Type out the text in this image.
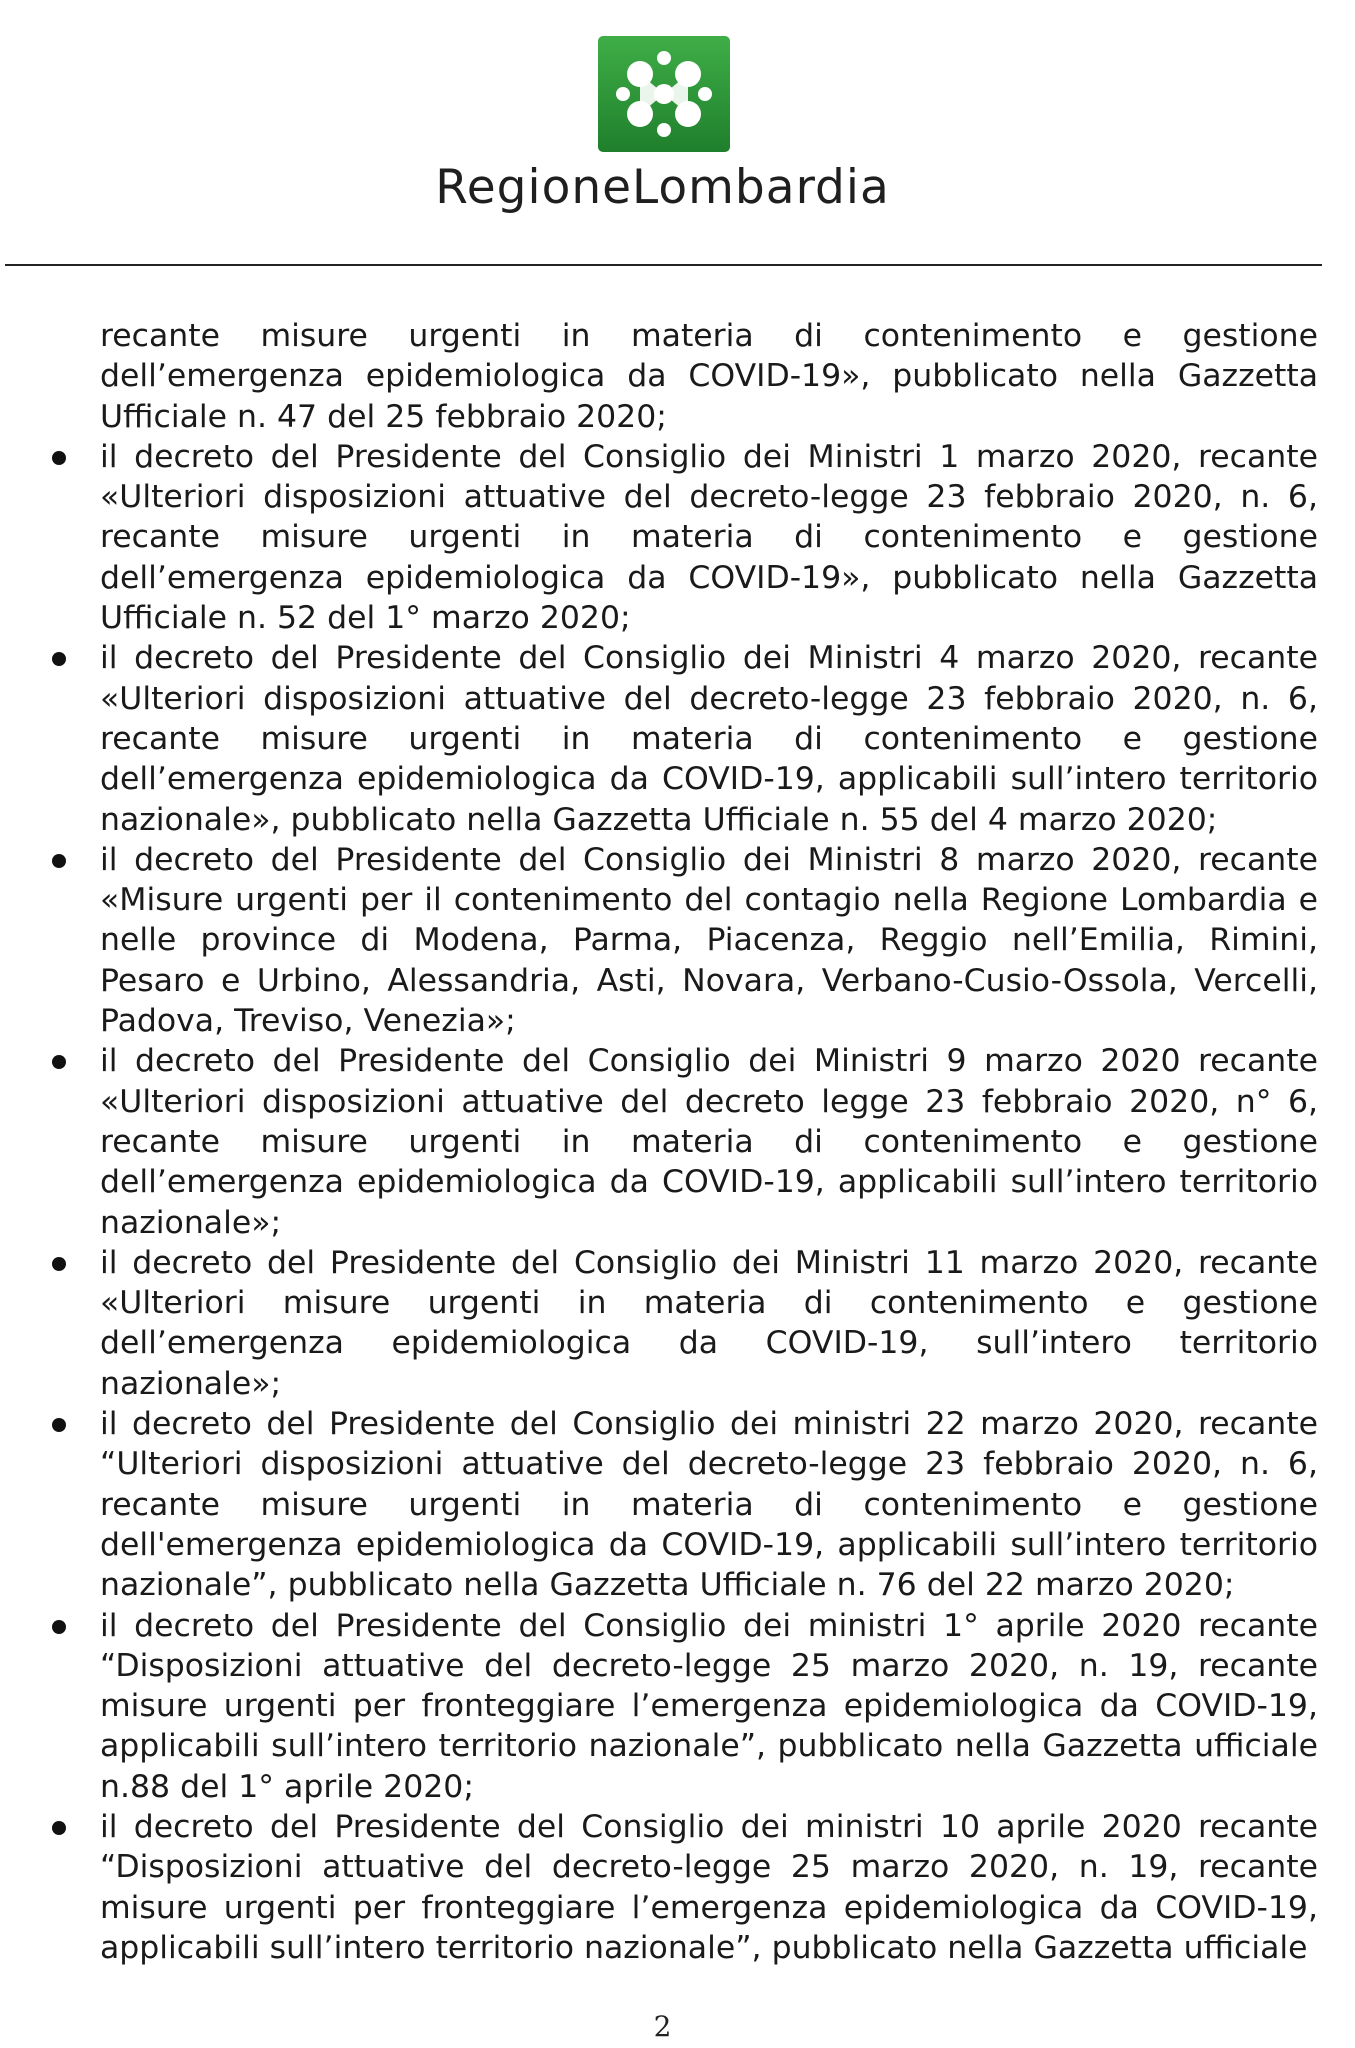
RegioneLombardia

recante misure urgenti in materia di contenimento e gestione dell’emergenza epidemiologica da COVID-19», pubblicato nella Gazzetta Ufficiale n. 47 del 25 febbraio 2020;

il decreto del Presidente del Consiglio dei Ministri 1 marzo 2020, recante «Ulteriori disposizioni attuative del decreto-legge 23 febbraio 2020, n. 6, recante misure urgenti in materia di contenimento e gestione dell’emergenza epidemiologica da COVID-19», pubblicato nella Gazzetta Ufficiale n. 52 del 1° marzo 2020;
il decreto del Presidente del Consiglio dei Ministri 4 marzo 2020, recante «Ulteriori disposizioni attuative del decreto-legge 23 febbraio 2020, n. 6, recante misure urgenti in materia di contenimento e gestione dell’emergenza epidemiologica da COVID-19, applicabili sull’intero territorio nazionale», pubblicato nella Gazzetta Ufficiale n. 55 del 4 marzo 2020;
il decreto del Presidente del Consiglio dei Ministri 8 marzo 2020, recante «Misure urgenti per il contenimento del contagio nella Regione Lombardia e nelle province di Modena, Parma, Piacenza, Reggio nell’Emilia, Rimini, Pesaro e Urbino, Alessandria, Asti, Novara, Verbano-Cusio-Ossola, Vercelli, Padova, Treviso, Venezia»;
il decreto del Presidente del Consiglio dei Ministri 9 marzo 2020 recante «Ulteriori disposizioni attuative del decreto legge 23 febbraio 2020, n° 6, recante misure urgenti in materia di contenimento e gestione dell’emergenza epidemiologica da COVID-19, applicabili sull’intero territorio nazionale»;
il decreto del Presidente del Consiglio dei Ministri 11 marzo 2020, recante «Ulteriori misure urgenti in materia di contenimento e gestione dell’emergenza epidemiologica da COVID-19, sull’intero territorio nazionale»;
il decreto del Presidente del Consiglio dei ministri 22 marzo 2020, recante “Ulteriori disposizioni attuative del decreto-legge 23 febbraio 2020, n. 6, recante misure urgenti in materia di contenimento e gestione dell'emergenza epidemiologica da COVID-19, applicabili sull’intero territorio nazionale”, pubblicato nella Gazzetta Ufficiale n. 76 del 22 marzo 2020;
il decreto del Presidente del Consiglio dei ministri 1° aprile 2020 recante “Disposizioni attuative del decreto-legge 25 marzo 2020, n. 19, recante misure urgenti per fronteggiare l’emergenza epidemiologica da COVID-19, applicabili sull’intero territorio nazionale”, pubblicato nella Gazzetta ufficiale n.88 del 1° aprile 2020;
il decreto del Presidente del Consiglio dei ministri 10 aprile 2020 recante “Disposizioni attuative del decreto-legge 25 marzo 2020, n. 19, recante misure urgenti per fronteggiare l’emergenza epidemiologica da COVID-19, applicabili sull’intero territorio nazionale”, pubblicato nella Gazzetta ufficiale
2
